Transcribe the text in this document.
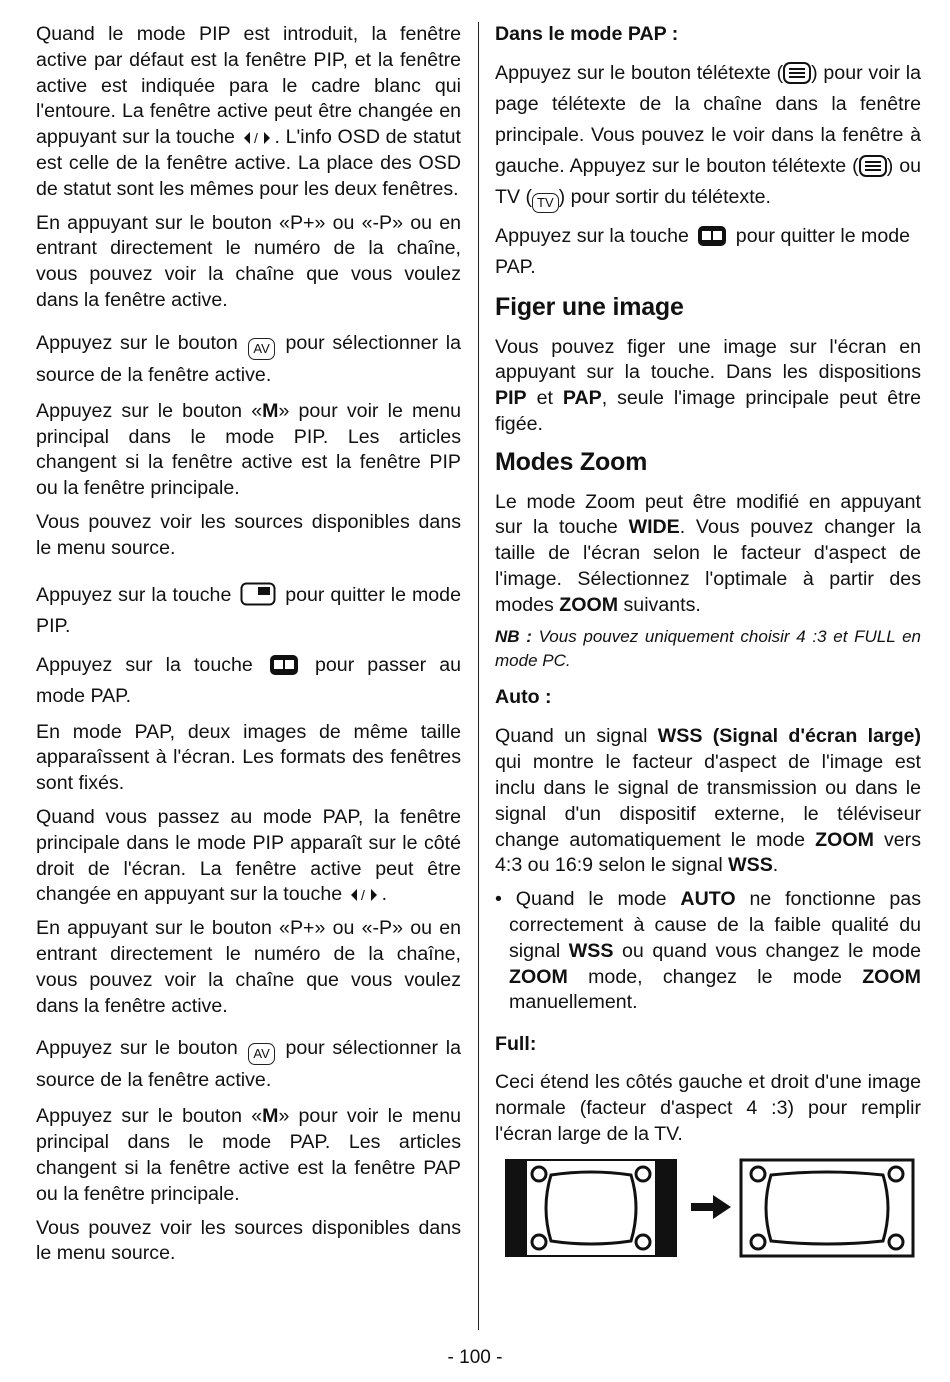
Quand le mode PIP est introduit, la fenêtre active par défaut est la fenêtre PIP, et la fenêtre active est indiquée para le cadre blanc qui l'entoure. La fenêtre active peut être changée en appuyant sur la touche / . L'info OSD de statut est celle de la fenêtre active. La place des OSD de statut sont les mêmes pour les deux fenêtres.

En appuyant sur le bouton «P+» ou «-P» ou en entrant directement le numéro de la chaîne, vous pouvez voir la chaîne que vous voulez dans la fenêtre active.

Appuyez sur le bouton AV pour sélectionner la source de la fenêtre active.

Appuyez sur le bouton «M» pour voir le menu principal dans le mode PIP. Les articles changent si la fenêtre active est la fenêtre PIP ou la fenêtre principale.

Vous pouvez voir les sources disponibles dans le menu source.

Appuyez sur la touche	pour quitter le mode PIP.

Appuyez sur la touche	pour passer au mode PAP.

En mode PAP, deux images de même taille apparaîssent à l'écran. Les formats des fenêtres sont fixés.

Quand vous passez au mode PAP, la fenêtre principale dans le mode PIP apparaît sur le côté droit de l'écran. La fenêtre active peut être changée en appuyant sur la touche / .

En appuyant sur le bouton «P+» ou «-P» ou en entrant directement le numéro de la chaîne, vous pouvez voir la chaîne que vous voulez dans la fenêtre active.

Appuyez sur le bouton AV pour sélectionner la source de la fenêtre active.

Appuyez sur le bouton «M» pour voir le menu principal dans le mode PAP. Les articles changent si la fenêtre active est la fenêtre PAP ou la fenêtre principale.

Vous pouvez voir les sources disponibles dans le menu source.

Dans le mode PAP :

Appuyez sur le bouton télétexte ( ) pour voir la page télétexte de la chaîne dans la fenêtre principale. Vous pouvez le voir dans la fenêtre à gauche. Appuyez sur le bouton télétexte ( ) ou TV ( TV ) pour sortir du télétexte.

Appuyez sur la touche pour quitter le mode PAP.

Figer une image

Vous pouvez figer une image sur l'écran en appuyant sur la touche. Dans les dispositions PIP et PAP, seule l'image principale peut être figée.

Modes Zoom

Le mode Zoom peut être modifié en appuyant sur la touche WIDE. Vous pouvez changer la taille de l'écran selon le facteur d'aspect de l'image. Sélectionnez l'optimale à partir des modes ZOOM suivants.

NB : Vous pouvez uniquement choisir 4 :3 et FULL en mode PC.

Auto :

Quand un signal WSS (Signal d'écran large) qui montre le facteur d'aspect de l'image est inclu dans le signal de transmission ou dans le signal d'un dispositif externe, le téléviseur change automatiquement le mode ZOOM vers 4:3 ou 16:9 selon le signal WSS.

• Quand le mode AUTO ne fonctionne pas correctement à cause de la faible qualité du signal WSS ou quand vous changez le mode ZOOM mode, changez le mode ZOOM manuellement.

Full:

Ceci étend les côtés gauche et droit d'une image normale (facteur d'aspect 4 :3) pour remplir l'écran large de la TV.

- 100 -
